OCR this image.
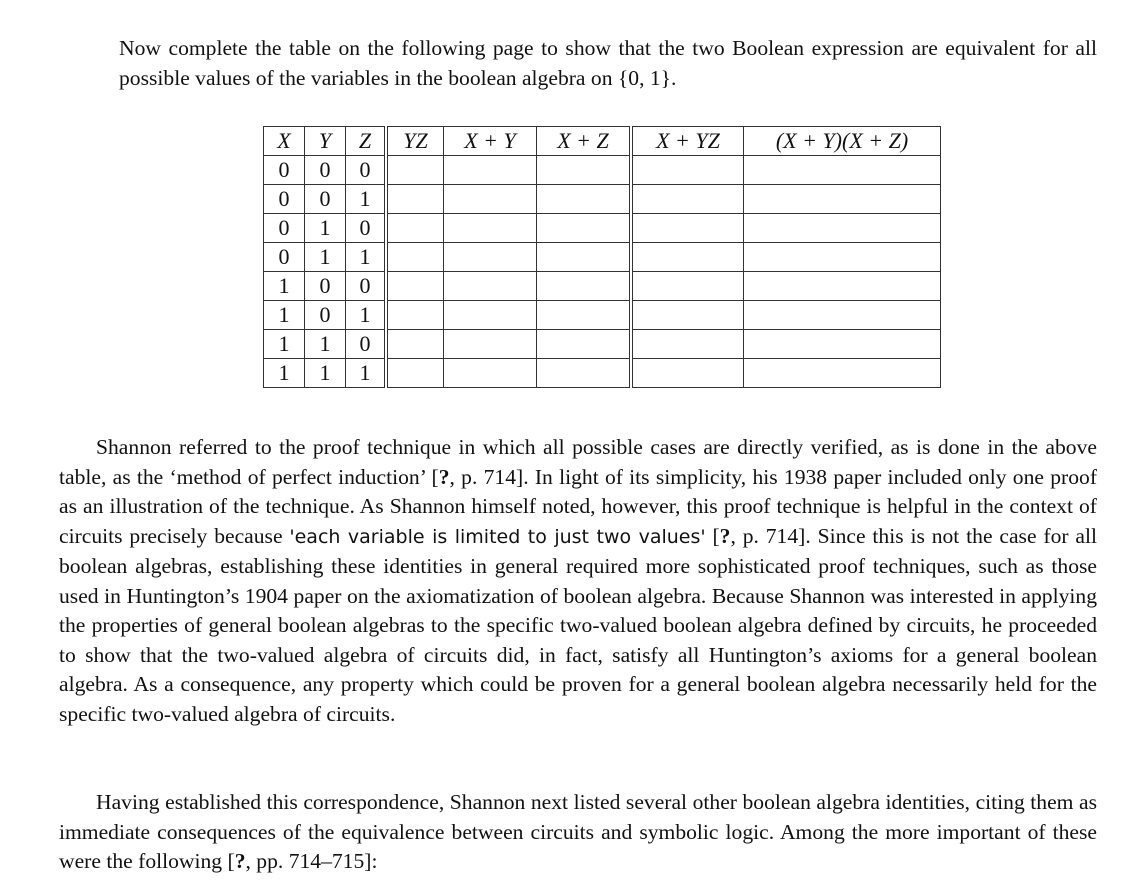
Now complete the table on the following page to show that the two Boolean expression are equivalent for all possible values of the variables in the boolean algebra on {0, 1}.

X	Y	Z	YZ	X + Y	X + Z	X + YZ	(X + Y)(X + Z)
0	0	0					
0	0	1					
0	1	0					
0	1	1					
1	0	0					
1	0	1					
1	1	0					
1	1	1					

Shannon referred to the proof technique in which all possible cases are directly verified, as is done in the above table, as the ‘method of perfect induction’ [?, p. 714]. In light of its simplicity, his 1938 paper included only one proof as an illustration of the technique. As Shannon himself noted, however, this proof technique is helpful in the context of circuits precisely because 'each variable is limited to just two values' [?, p. 714]. Since this is not the case for all boolean algebras, establishing these identities in general required more sophisticated proof techniques, such as those used in Huntington’s 1904 paper on the axiomatization of boolean algebra. Because Shannon was interested in applying the properties of general boolean algebras to the specific two-valued boolean algebra defined by circuits, he proceeded to show that the two-valued algebra of circuits did, in fact, satisfy all Huntington’s axioms for a general boolean algebra. As a consequence, any property which could be proven for a general boolean algebra necessarily held for the specific two-valued algebra of circuits.

Having established this correspondence, Shannon next listed several other boolean algebra identities, citing them as immediate consequences of the equivalence between circuits and symbolic logic. Among the more important of these were the following [?, pp. 714–715]:
